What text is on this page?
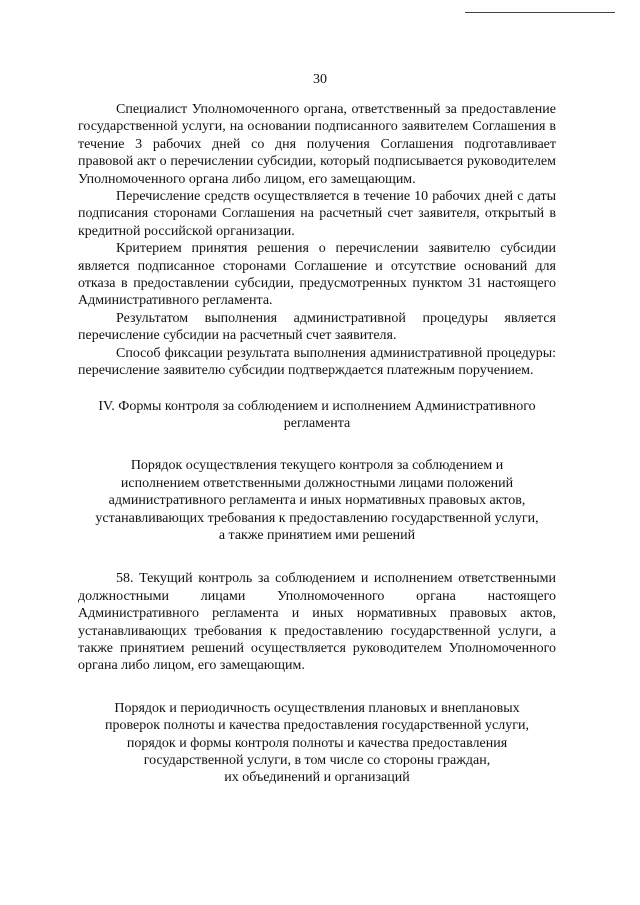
30

Специалист Уполномоченного органа, ответственный за предоставление государственной услуги, на основании подписанного заявителем Соглашения в течение 3 рабочих дней со дня получения Соглашения подготавливает правовой акт о перечислении субсидии, который подписывается руководителем Уполномоченного органа либо лицом, его замещающим.

Перечисление средств осуществляется в течение 10 рабочих дней с даты подписания сторонами Соглашения на расчетный счет заявителя, открытый в кредитной российской организации.

Критерием принятия решения о перечислении заявителю субсидии является подписанное сторонами Соглашение и отсутствие оснований для отказа в предоставлении субсидии, предусмотренных пунктом 31 настоящего Административного регламента.

Результатом выполнения административной процедуры является перечисление субсидии на расчетный счет заявителя.

Способ фиксации результата выполнения административной процедуры: перечисление заявителю субсидии подтверждается платежным поручением.

IV. Формы контроля за соблюдением и исполнением Административного
регламента
Порядок осуществления текущего контроля за соблюдением и
исполнением ответственными должностными лицами положений
административного регламента и иных нормативных правовых актов,
устанавливающих требования к предоставлению государственной услуги,
а также принятием ими решений

58. Текущий контроль за соблюдением и исполнением ответственными должностными лицами Уполномоченного органа настоящего Административного регламента и иных нормативных правовых актов, устанавливающих требования к предоставлению государственной услуги, а также принятием решений осуществляется руководителем Уполномоченного органа либо лицом, его замещающим.

Порядок и периодичность осуществления плановых и внеплановых
проверок полноты и качества предоставления государственной услуги,
порядок и формы контроля полноты и качества предоставления
государственной услуги, в том числе со стороны граждан,
их объединений и организаций
